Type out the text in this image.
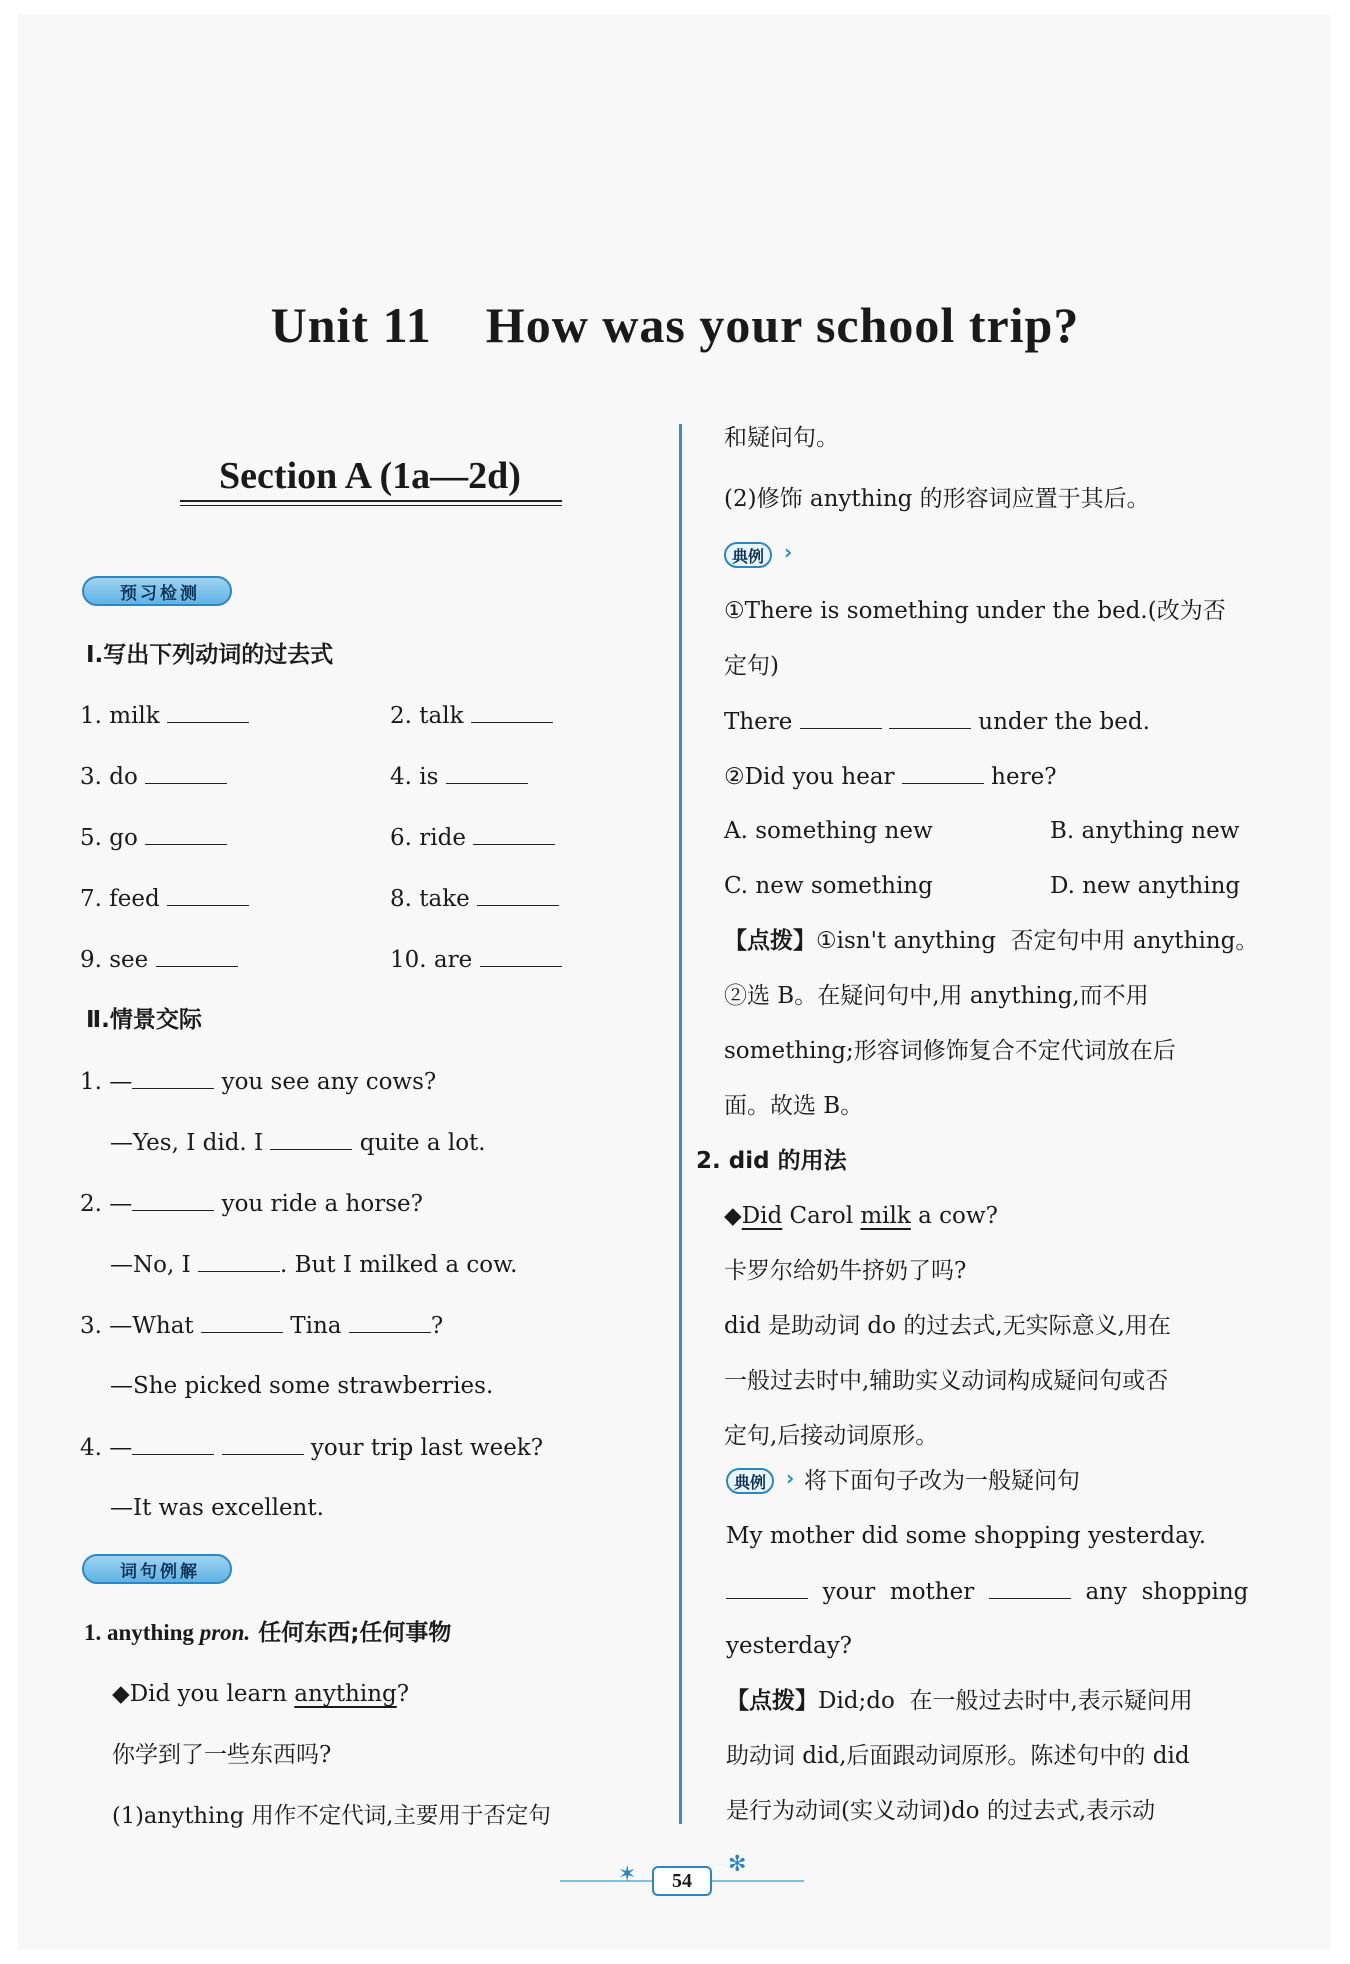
Unit 11    How was your school trip?
Section A (1a—2d)
预习检测
Ⅰ.写出下列动词的过去式
1. milk	2. talk
3. do	4. is
5. go	6. ride
7. feed	8. take
9. see	10. are
Ⅱ.情景交际
1. —	you see any cows?
—Yes, I did. I	quite a lot.
2. —	you ride a horse?
—No, I	. But I milked a cow.
3. —What	Tina	?
—She picked some strawberries.
4. —	your trip last week?
—It was excellent.
词句例解
1. anything pron. 任何东西;任何事物
◆Did you learn anything?
你学到了一些东西吗?
(1)anything 用作不定代词,主要用于否定句
和疑问句。
(2)修饰 anything 的形容词应置于其后。
典例 ›
①There is something under the bed.(改为否
定句)
There	under the bed.
②Did you hear	here?
A. something new	B. anything new
C. new something	D. new anything
【点拨】①isn't anything  否定句中用 anything。
②选 B。在疑问句中,用 anything,而不用
something;形容词修饰复合不定代词放在后
面。故选 B。
2. did 的用法
◆Did Carol milk a cow?
卡罗尔给奶牛挤奶了吗?
did 是助动词 do 的过去式,无实际意义,用在
一般过去时中,辅助实义动词构成疑问句或否
定句,后接动词原形。
典例 › 将下面句子改为一般疑问句
My mother did some shopping yesterday.
your  mother	any  shopping
yesterday?
【点拨】Did;do  在一般过去时中,表示疑问用
助动词 did,后面跟动词原形。陈述句中的 did
是行为动词(实义动词)do 的过去式,表示动
✶	✻
54
